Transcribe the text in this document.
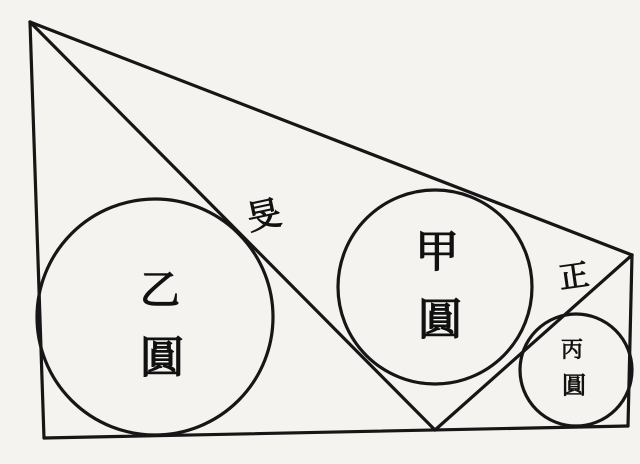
乙
圓
甲
圓
丙
圓
旻
正
